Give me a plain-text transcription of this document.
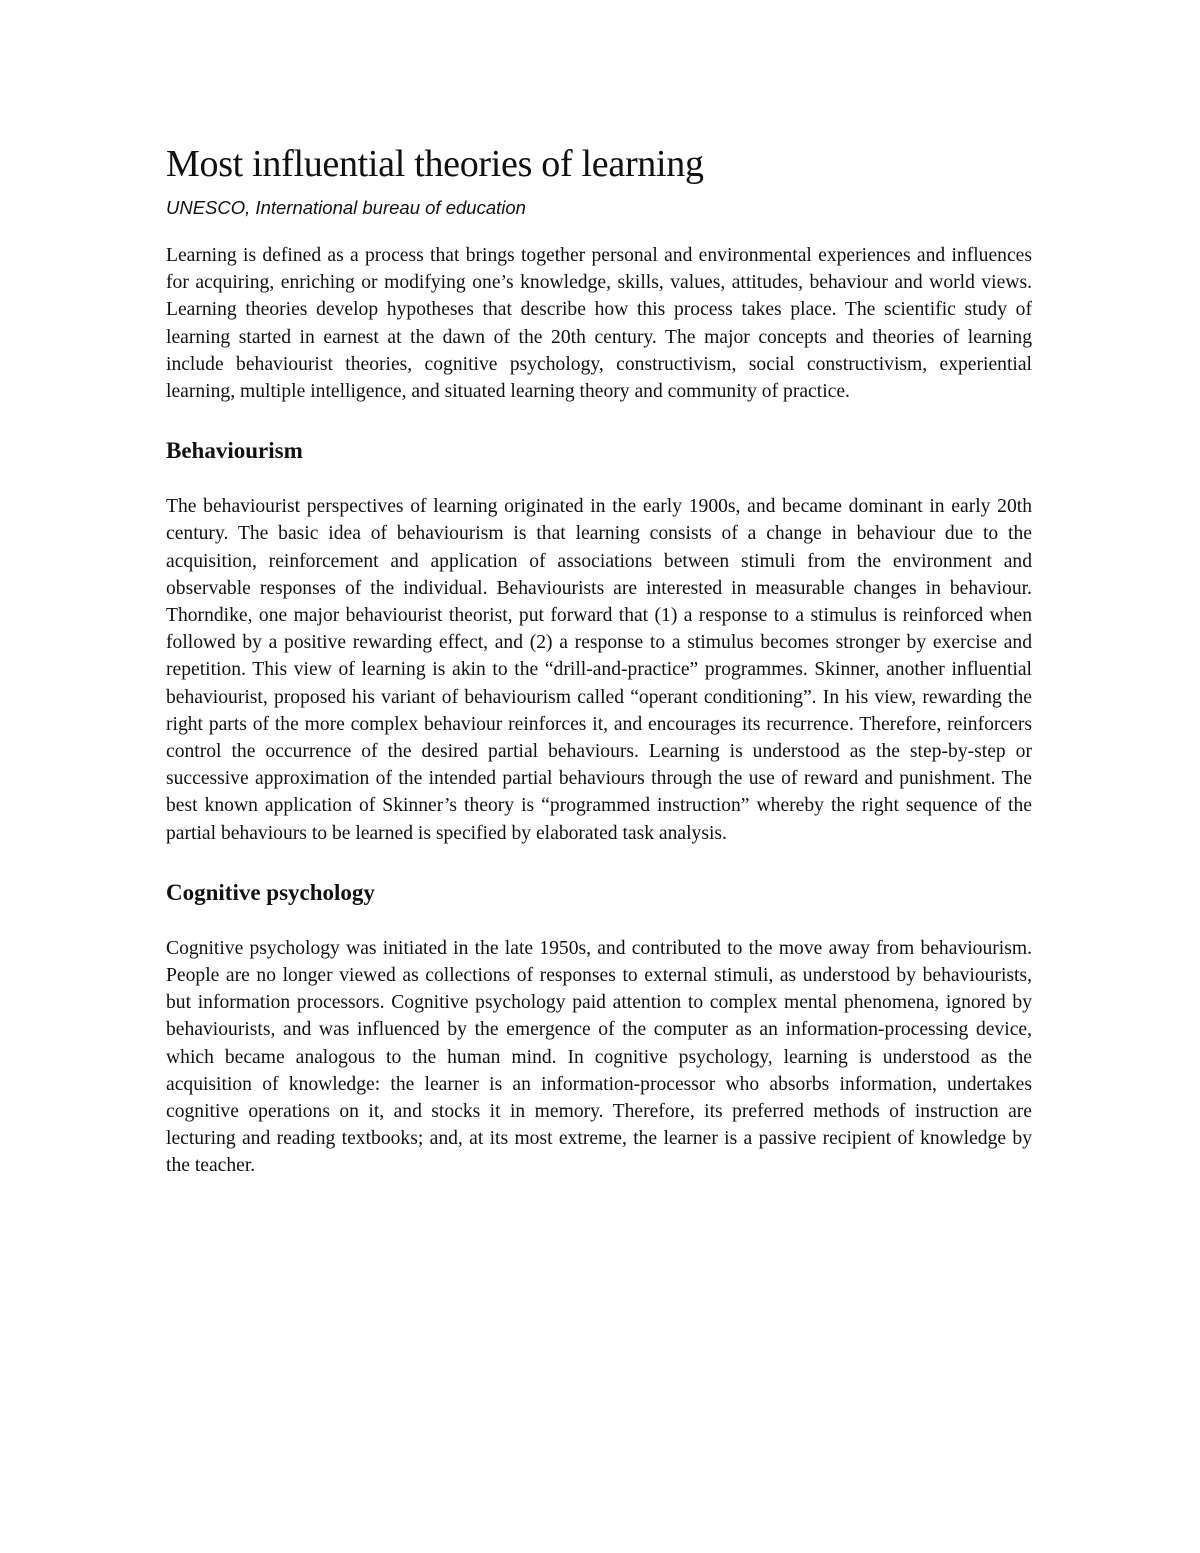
Most influential theories of learning

UNESCO, International bureau of education

Learning is defined as a process that brings together personal and environmental experiences and influences for acquiring, enriching or modifying one’s knowledge, skills, values, attitudes, behaviour and world views. Learning theories develop hypotheses that describe how this process takes place. The scientific study of learning started in earnest at the dawn of the 20th century. The major concepts and theories of learning include behaviourist theories, cognitive psychology, constructivism, social constructivism, experiential learning, multiple intelligence, and situated learning theory and community of practice.

Behaviourism

The behaviourist perspectives of learning originated in the early 1900s, and became dominant in early 20th century. The basic idea of behaviourism is that learning consists of a change in behaviour due to the acquisition, reinforcement and application of associations between stimuli from the environment and observable responses of the individual. Behaviourists are interested in measurable changes in behaviour. Thorndike, one major behaviourist theorist, put forward that (1) a response to a stimulus is reinforced when followed by a positive rewarding effect, and (2) a response to a stimulus becomes stronger by exercise and repetition. This view of learning is akin to the “drill-and-practice” programmes. Skinner, another influential behaviourist, proposed his variant of behaviourism called “operant conditioning”. In his view, rewarding the right parts of the more complex behaviour reinforces it, and encourages its recurrence. Therefore, reinforcers control the occurrence of the desired partial behaviours. Learning is understood as the step-by-step or successive approximation of the intended partial behaviours through the use of reward and punishment. The best known application of Skinner’s theory is “programmed instruction” whereby the right sequence of the partial behaviours to be learned is specified by elaborated task analysis.

Cognitive psychology

Cognitive psychology was initiated in the late 1950s, and contributed to the move away from behaviourism. People are no longer viewed as collections of responses to external stimuli, as understood by behaviourists, but information processors. Cognitive psychology paid attention to complex mental phenomena, ignored by behaviourists, and was influenced by the emergence of the computer as an information-processing device, which became analogous to the human mind. In cognitive psychology, learning is understood as the acquisition of knowledge: the learner is an information-processor who absorbs information, undertakes cognitive operations on it, and stocks it in memory. Therefore, its preferred methods of instruction are lecturing and reading textbooks; and, at its most extreme, the learner is a passive recipient of knowledge by the teacher.
